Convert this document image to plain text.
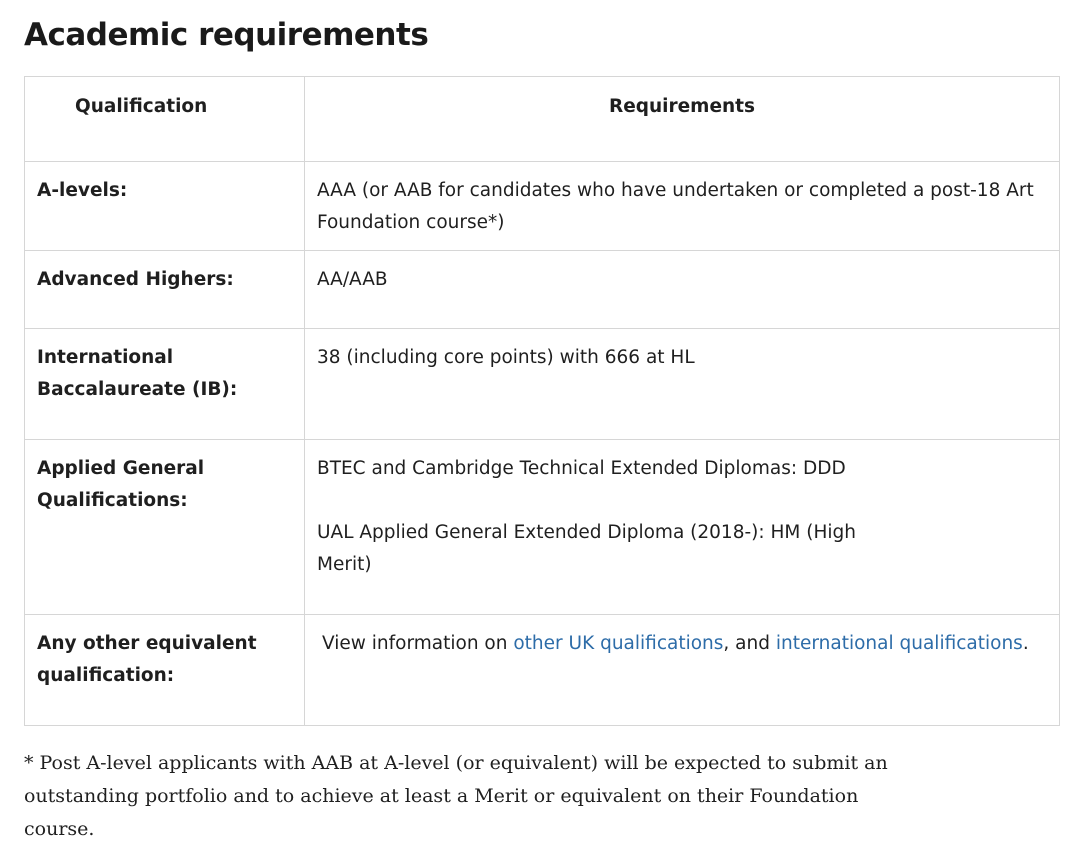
Academic requirements
Qualification	Requirements

A-levels:	AAA (or AAB for candidates who have undertaken or completed a post-18 Art Foundation course*)

Advanced Highers:	AA/AAB

International Baccalaureate (IB):	38 (including core points) with 666 at HL

Applied General Qualifications:	BTEC and Cambridge Technical Extended Diplomas: DDD
UAL Applied General Extended Diploma (2018-): HM (High Merit)

Any other equivalent qualification:	View information on other UK qualifications, and international qualifications.

* Post A-level applicants with AAB at A-level (or equivalent) will be expected to submit an outstanding portfolio and to achieve at least a Merit or equivalent on their Foundation course.
